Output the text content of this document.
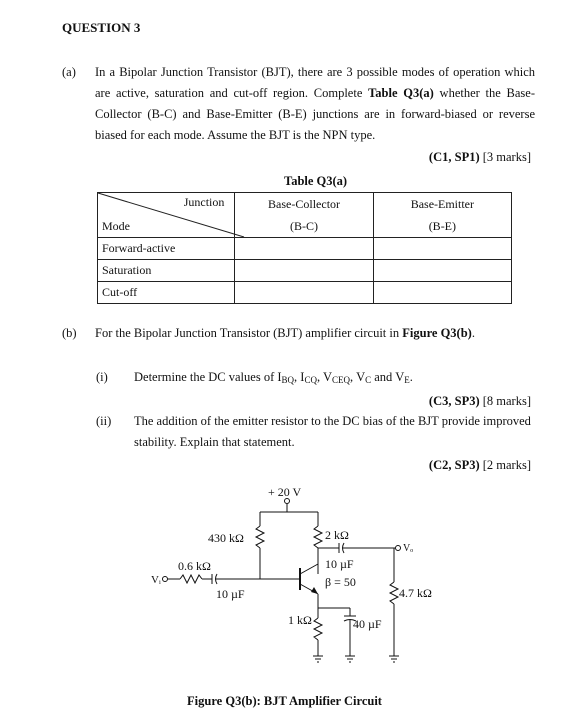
QUESTION 3
(a) In a Bipolar Junction Transistor (BJT), there are 3 possible modes of operation which are active, saturation and cut-off region. Complete Table Q3(a) whether the Base-Collector (B-C) and Base-Emitter (B-E) junctions are in forward-biased or reverse biased for each mode. Assume the BJT is the NPN type.
(C1, SP1) [3 marks]
Table Q3(a)
Junction
Mode	Base-Collector	Base-Emitter
	(B-C)	(B-E)
Forward-active		
Saturation		
Cut-off		
(b) For the Bipolar Junction Transistor (BJT) amplifier circuit in Figure Q3(b).
(i) Determine the DC values of $I_{BQ}$, $I_{CQ}$, $V_{CEQ}$, $V_C$ and $V_E$.
(C3, SP3) [8 marks]
(ii) The addition of the emitter resistor to the DC bias of the BJT provide improved stability. Explain that statement.
(C2, SP3) [2 marks]
+ 20 V
430 kΩ	2 kΩ
0.6 kΩ
Vᵢ
10 µF
10 µF
β = 50
Vₒ
4.7 kΩ
1 kΩ	40 µF
Figure Q3(b): BJT Amplifier Circuit
